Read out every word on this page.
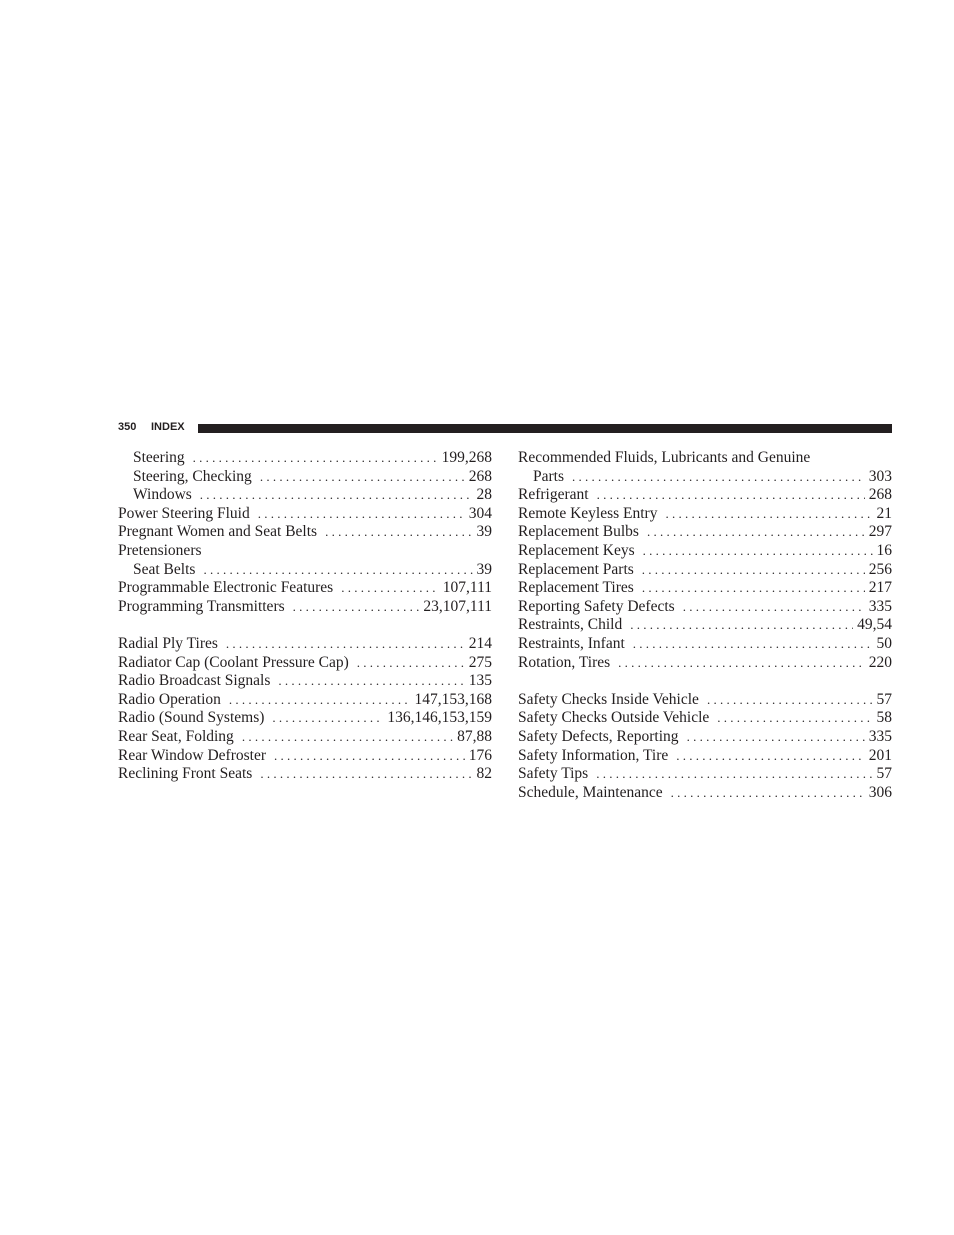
350 INDEX
Steering . . .	199,268
Steering, Checking . . .	268
Windows . . .	28
Power Steering Fluid . . .	304
Pregnant Women and Seat Belts . . .	39
Pretensioners
Seat Belts . . .	39
Programmable Electronic Features . . .	107,111
Programming Transmitters . . .	23,107,111
Radial Ply Tires . . .	214
Radiator Cap (Coolant Pressure Cap) . . .	275
Radio Broadcast Signals . . .	135
Radio Operation . . .	147,153,168
Radio (Sound Systems) . . .	136,146,153,159
Rear Seat, Folding . . .	87,88
Rear Window Defroster . . .	176
Reclining Front Seats . . .	82
Recommended Fluids, Lubricants and Genuine
Parts . . .	303
Refrigerant . . .	268
Remote Keyless Entry . . .	21
Replacement Bulbs . . .	297
Replacement Keys . . .	16
Replacement Parts . . .	256
Replacement Tires . . .	217
Reporting Safety Defects . . .	335
Restraints, Child . . .	49,54
Restraints, Infant . . .	50
Rotation, Tires . . .	220
Safety Checks Inside Vehicle . . .	57
Safety Checks Outside Vehicle . . .	58
Safety Defects, Reporting . . .	335
Safety Information, Tire . . .	201
Safety Tips . . .	57
Schedule, Maintenance . . .	306
